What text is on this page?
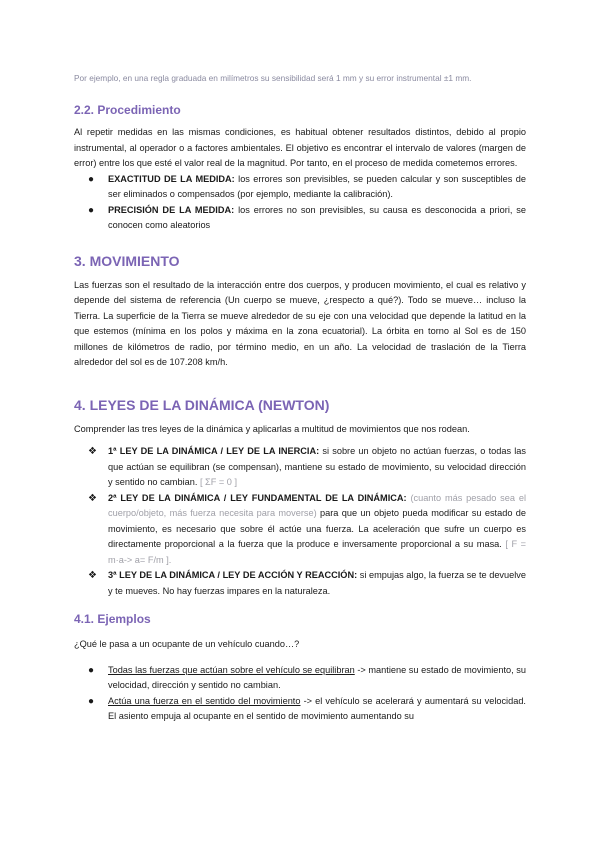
Por ejemplo, en una regla graduada en milímetros su sensibilidad será 1 mm y su error instrumental ±1 mm.

2.2. Procedimiento

Al repetir medidas en las mismas condiciones, es habitual obtener resultados distintos, debido al propio instrumental, al operador o a factores ambientales. El objetivo es encontrar el intervalo de valores (margen de error) entre los que esté el valor real de la magnitud. Por tanto, en el proceso de medida cometemos errores.

● EXACTITUD DE LA MEDIDA: los errores son previsibles, se pueden calcular y son susceptibles de ser eliminados o compensados (por ejemplo, mediante la calibración).
● PRECISIÓN DE LA MEDIDA: los errores no son previsibles, su causa es desconocida a priori, se conocen como aleatorios

3. MOVIMIENTO

Las fuerzas son el resultado de la interacción entre dos cuerpos, y producen movimiento, el cual es relativo y depende del sistema de referencia (Un cuerpo se mueve, ¿respecto a qué?). Todo se mueve… incluso la Tierra. La superficie de la Tierra se mueve alrededor de su eje con una velocidad que depende la latitud en la que estemos (mínima en los polos y máxima en la zona ecuatorial). La órbita en torno al Sol es de 150 millones de kilómetros de radio, por término medio, en un año. La velocidad de traslación de la Tierra alrededor del sol es de 107.208 km/h.

4. LEYES DE LA DINÁMICA (NEWTON)

Comprender las tres leyes de la dinámica y aplicarlas a multitud de movimientos que nos rodean.

❖ 1ª LEY DE LA DINÁMICA / LEY DE LA INERCIA: si sobre un objeto no actúan fuerzas, o todas las que actúan se equilibran (se compensan), mantiene su estado de movimiento, su velocidad dirección y sentido no cambian. [ ΣF = 0 ]
❖ 2ª LEY DE LA DINÁMICA / LEY FUNDAMENTAL DE LA DINÁMICA: (cuanto más pesado sea el cuerpo/objeto, más fuerza necesita para moverse) para que un objeto pueda modificar su estado de movimiento, es necesario que sobre él actúe una fuerza. La aceleración que sufre un cuerpo es directamente proporcional a la fuerza que la produce e inversamente proporcional a su masa. [ F = m·a-> a= F/m ].
❖ 3ª LEY DE LA DINÁMICA / LEY DE ACCIÓN Y REACCIÓN: si empujas algo, la fuerza se te devuelve y te mueves. No hay fuerzas impares en la naturaleza.

4.1. Ejemplos

¿Qué le pasa a un ocupante de un vehículo cuando…?

● Todas las fuerzas que actúan sobre el vehículo se equilibran -> mantiene su estado de movimiento, su velocidad, dirección y sentido no cambian.
● Actúa una fuerza en el sentido del movimiento -> el vehículo se acelerará y aumentará su velocidad. El asiento empuja al ocupante en el sentido de movimiento aumentando su
